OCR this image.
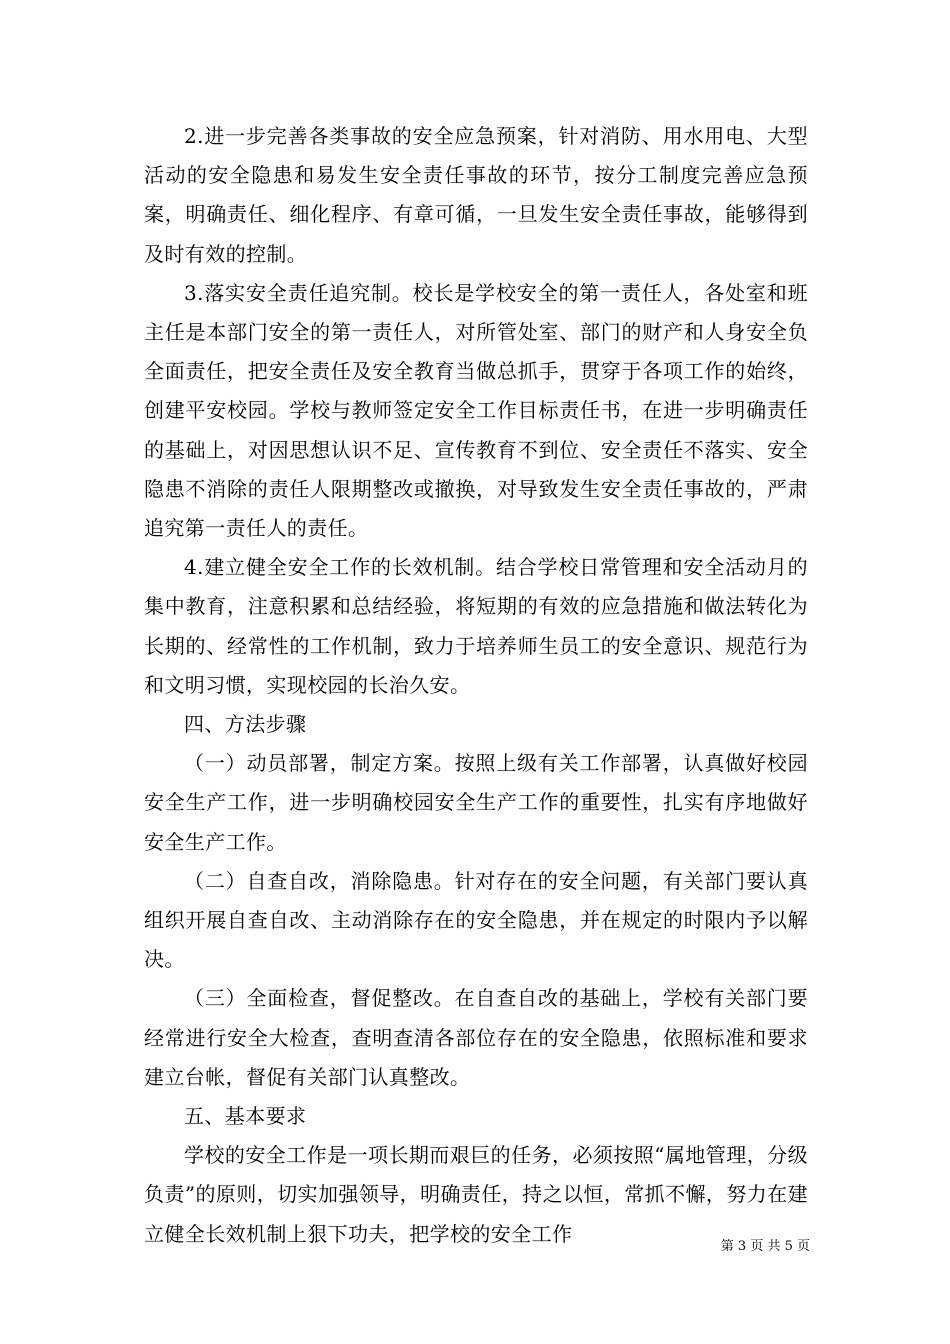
2.进一步完善各类事故的安全应急预案，针对消防、用水用电、大型活动的安全隐患和易发生安全责任事故的环节，按分工制度完善应急预案，明确责任、细化程序、有章可循，一旦发生安全责任事故，能够得到及时有效的控制。

3.落实安全责任追究制。校长是学校安全的第一责任人，各处室和班主任是本部门安全的第一责任人，对所管处室、部门的财产和人身安全负全面责任，把安全责任及安全教育当做总抓手，贯穿于各项工作的始终，创建平安校园。学校与教师签定安全工作目标责任书，在进一步明确责任的基础上，对因思想认识不足、宣传教育不到位、安全责任不落实、安全隐患不消除的责任人限期整改或撤换，对导致发生安全责任事故的，严肃追究第一责任人的责任。

4.建立健全安全工作的长效机制。结合学校日常管理和安全活动月的集中教育，注意积累和总结经验，将短期的有效的应急措施和做法转化为长期的、经常性的工作机制，致力于培养师生员工的安全意识、规范行为和文明习惯，实现校园的长治久安。

四、方法步骤

（一）动员部署，制定方案。按照上级有关工作部署，认真做好校园安全生产工作，进一步明确校园安全生产工作的重要性，扎实有序地做好安全生产工作。

（二）自查自改，消除隐患。针对存在的安全问题，有关部门要认真组织开展自查自改、主动消除存在的安全隐患，并在规定的时限内予以解决。

（三）全面检查，督促整改。在自查自改的基础上，学校有关部门要经常进行安全大检查，查明查清各部位存在的安全隐患，依照标准和要求建立台帐，督促有关部门认真整改。

五、基本要求

学校的安全工作是一项长期而艰巨的任务，必须按照“属地管理，分级负责”的原则，切实加强领导，明确责任，持之以恒，常抓不懈，努力在建立健全长效机制上狠下功夫，把学校的安全工作

第 3 页 共 5 页
